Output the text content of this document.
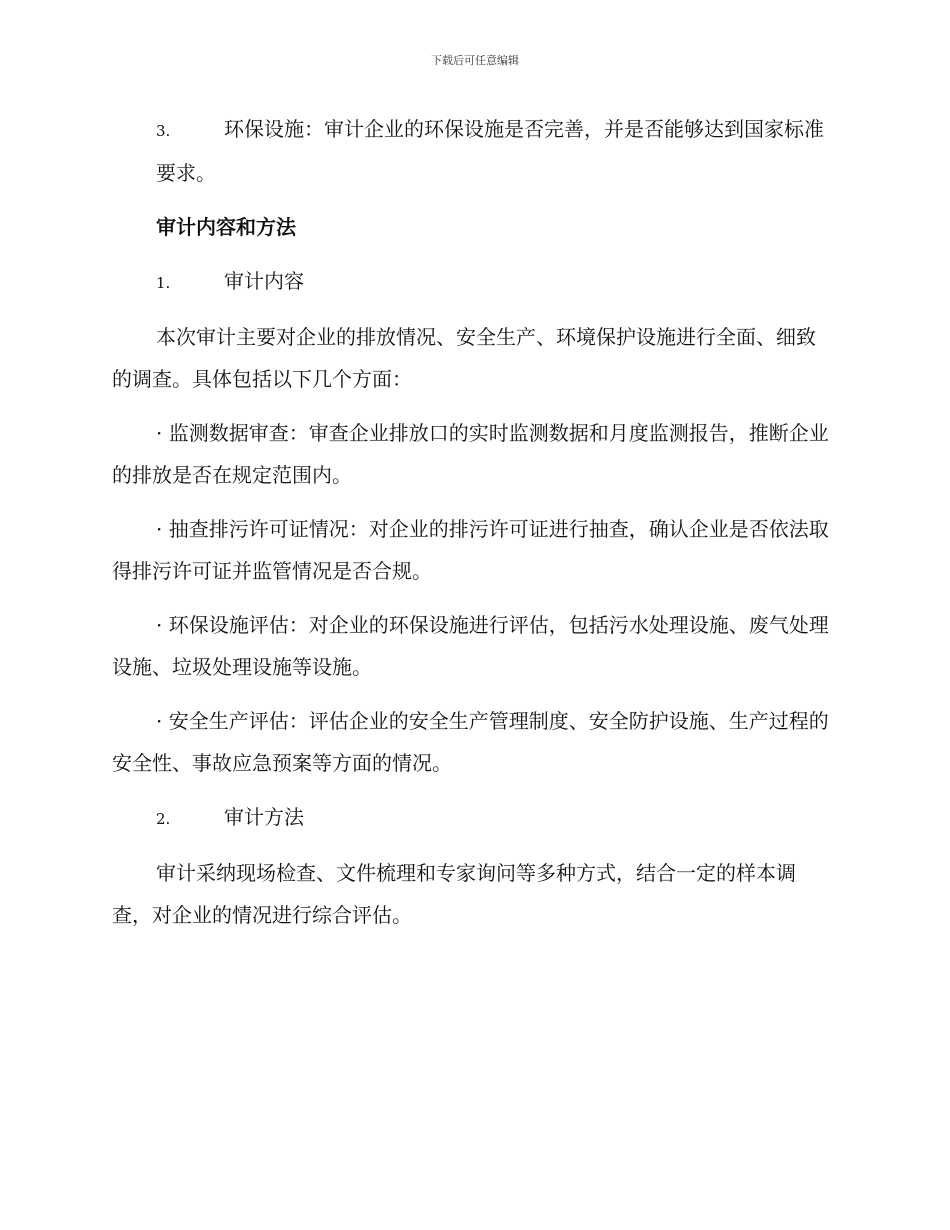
下载后可任意编辑

3.	环保设施：审计企业的环保设施是否完善，并是否能够达到国家标准要求。

审计内容和方法

1.	审计内容

本次审计主要对企业的排放情况、安全生产、环境保护设施进行全面、细致的调查。具体包括以下几个方面：

· 监测数据审查：审查企业排放口的实时监测数据和月度监测报告，推断企业的排放是否在规定范围内。

· 抽查排污许可证情况：对企业的排污许可证进行抽查，确认企业是否依法取得排污许可证并监管情况是否合规。

· 环保设施评估：对企业的环保设施进行评估，包括污水处理设施、废气处理设施、垃圾处理设施等设施。

· 安全生产评估：评估企业的安全生产管理制度、安全防护设施、生产过程的安全性、事故应急预案等方面的情况。

2.	审计方法

审计采纳现场检查、文件梳理和专家询问等多种方式，结合一定的样本调查，对企业的情况进行综合评估。
